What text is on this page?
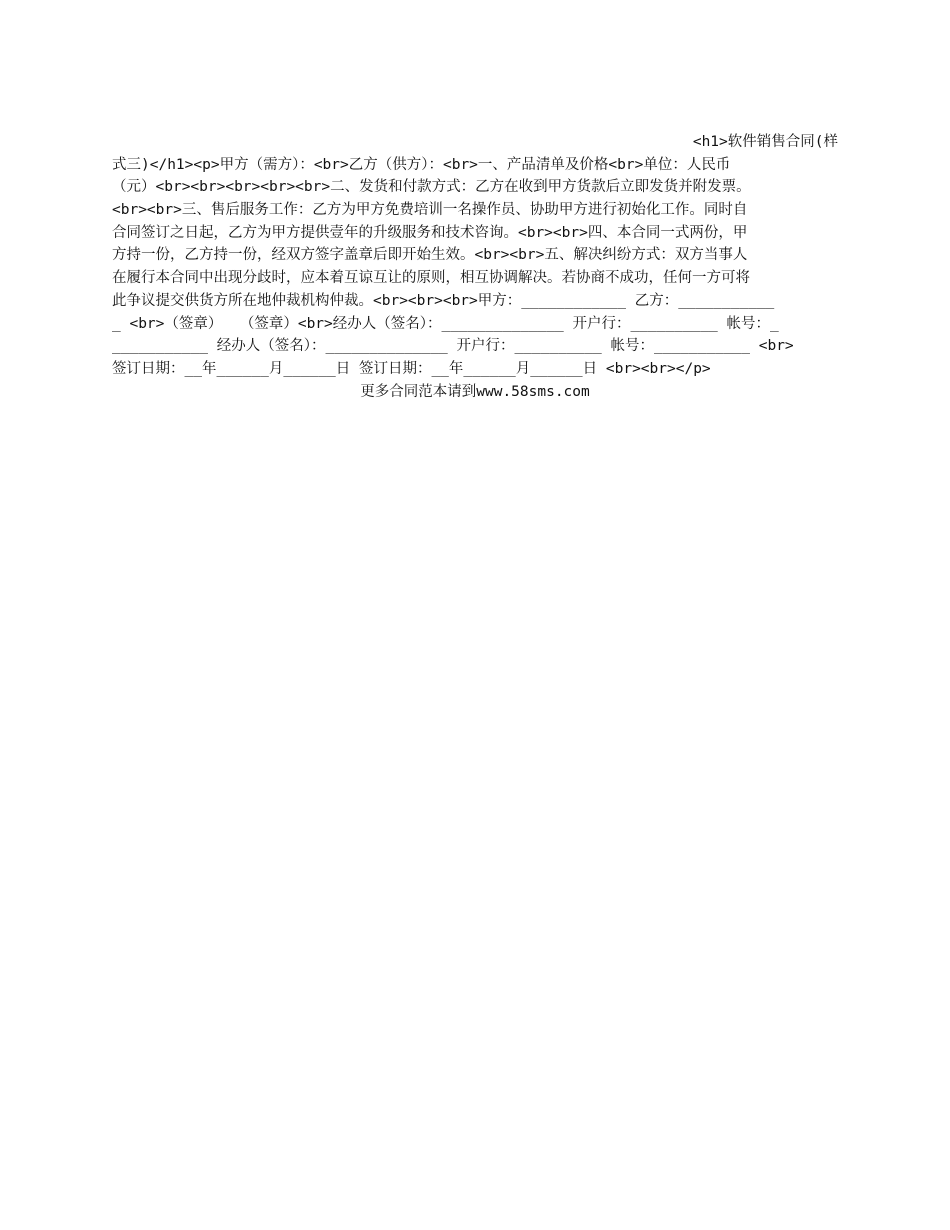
<h1>软件销售合同(样
式三)</h1><p>甲方（需方）：<br>乙方（供方）：<br>一、产品清单及价格<br>单位：人民币
（元）<br><br><br><br><br>二、发货和付款方式：乙方在收到甲方货款后立即发货并附发票。
<br><br>三、售后服务工作：乙方为甲方免费培训一名操作员、协助甲方进行初始化工作。同时自
合同签订之日起，乙方为甲方提供壹年的升级服务和技术咨询。<br><br>四、本合同一式两份，甲
方持一份，乙方持一份，经双方签字盖章后即开始生效。<br><br>五、解决纠纷方式：双方当事人
在履行本合同中出现分歧时，应本着互谅互让的原则，相互协调解决。若协商不成功，任何一方可将
此争议提交供货方所在地仲裁机构仲裁。<br><br><br>甲方：____________ 乙方：___________
_ <br>（签章）  （签章）<br>经办人（签名）：______________ 开户行：__________ 帐号：_
___________ 经办人（签名）：______________ 开户行：__________ 帐号：___________ <br>
签订日期：__年______月______日 签订日期：__年______月______日 <br><br></p>
更多合同范本请到www.58sms.com
